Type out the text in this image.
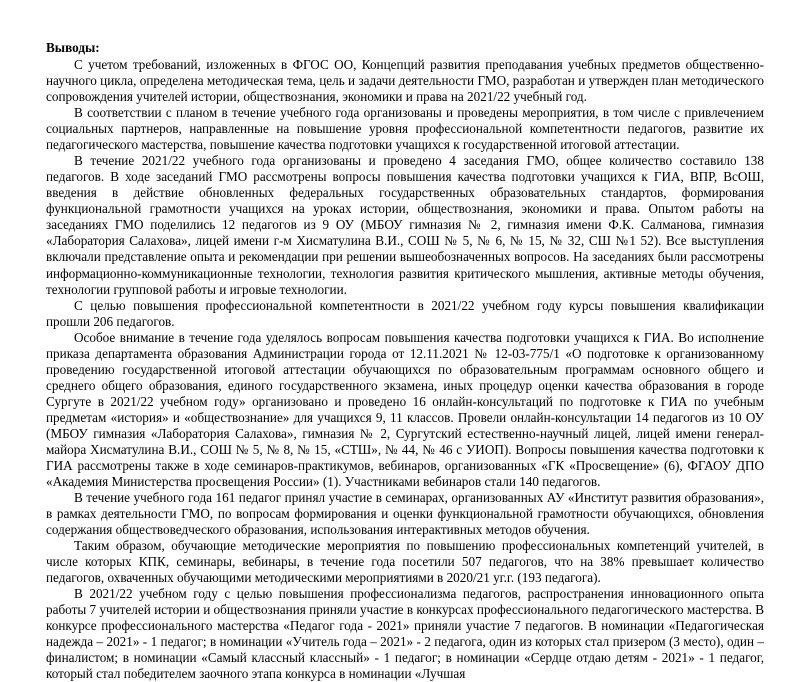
Выводы:

С учетом требований, изложенных в ФГОС ОО, Концепций развития преподавания учебных предметов общественно-научного цикла, определена методическая тема, цель и задачи деятельности ГМО, разработан и утвержден план методического сопровождения учителей истории, обществознания, экономики и права на 2021/22 учебный год.

В соответствии с планом в течение учебного года организованы и проведены мероприятия, в том числе с привлечением социальных партнеров, направленные на повышение уровня профессиональной компетентности педагогов, развитие их педагогического мастерства, повышение качества подготовки учащихся к государственной итоговой аттестации.

В течение 2021/22 учебного года организованы и проведено 4 заседания ГМО, общее количество составило 138 педагогов. В ходе заседаний ГМО рассмотрены вопросы повышения качества подготовки учащихся к ГИА, ВПР, ВсОШ, введения в действие обновленных федеральных государственных образовательных стандартов, формирования функциональной грамотности учащихся на уроках истории, обществознания, экономики и права. Опытом работы на заседаниях ГМО поделились 12 педагогов из 9 ОУ (МБОУ гимназия № 2, гимназия имени Ф.К. Салманова, гимназия «Лаборатория Салахова», лицей имени г-м Хисматулина В.И., СОШ № 5, № 6, № 15, № 32, СШ №1 52). Все выступления включали представление опыта и рекомендации при решении вышеобозначенных вопросов. На заседаниях были рассмотрены информационно-коммуникационные технологии, технология развития критического мышления, активные методы обучения, технологии групповой работы и игровые технологии.

С целью повышения профессиональной компетентности в 2021/22 учебном году курсы повышения квалификации прошли 206 педагогов.

Особое внимание в течение года уделялось вопросам повышения качества подготовки учащихся к ГИА. Во исполнение приказа департамента образования Администрации города от 12.11.2021 № 12-03-775/1 «О подготовке к организованному проведению государственной итоговой аттестации обучающихся по образовательным программам основного общего и среднего общего образования, единого государственного экзамена, иных процедур оценки качества образования в городе Сургуте в 2021/22 учебном году» организовано и проведено 16 онлайн-консультаций по подготовке к ГИА по учебным предметам «история» и «обществознание» для учащихся 9, 11 классов. Провели онлайн-консультации 14 педагогов из 10 ОУ (МБОУ гимназия «Лаборатория Салахова», гимназия № 2, Сургутский естественно-научный лицей, лицей имени генерал-майора Хисматулина В.И., СОШ № 5, № 8, № 15, «СТШ», № 44, № 46 с УИОП). Вопросы повышения качества подготовки к ГИА рассмотрены также в ходе семинаров-практикумов, вебинаров, организованных «ГК «Просвещение» (6), ФГАОУ ДПО «Академия Министерства просвещения России» (1). Участниками вебинаров стали 140 педагогов.

В течение учебного года 161 педагог принял участие в семинарах, организованных АУ «Институт развития образования», в рамках деятельности ГМО, по вопросам формирования и оценки функциональной грамотности обучающихся, обновления содержания обществоведческого образования, использования интерактивных методов обучения.

Таким образом, обучающие методические мероприятия по повышению профессиональных компетенций учителей, в числе которых КПК, семинары, вебинары, в течение года посетили 507 педагогов, что на 38% превышает количество педагогов, охваченных обучающими методическими мероприятиями в 2020/21 уг.г. (193 педагога).

В 2021/22 учебном году с целью повышения профессионализма педагогов, распространения инновационного опыта работы 7 учителей истории и обществознания приняли участие в конкурсах профессионального педагогического мастерства. В конкурсе профессионального мастерства «Педагог года - 2021» приняли участие 7 педагогов. В номинации «Педагогическая надежда – 2021» - 1 педагог; в номинации «Учитель года – 2021» - 2 педагога, один из которых стал призером (3 место), один – финалистом; в номинации «Самый классный классный» - 1 педагог; в номинации «Сердце отдаю детям - 2021» - 1 педагог, который стал победителем заочного этапа конкурса в номинации «Лучшая
